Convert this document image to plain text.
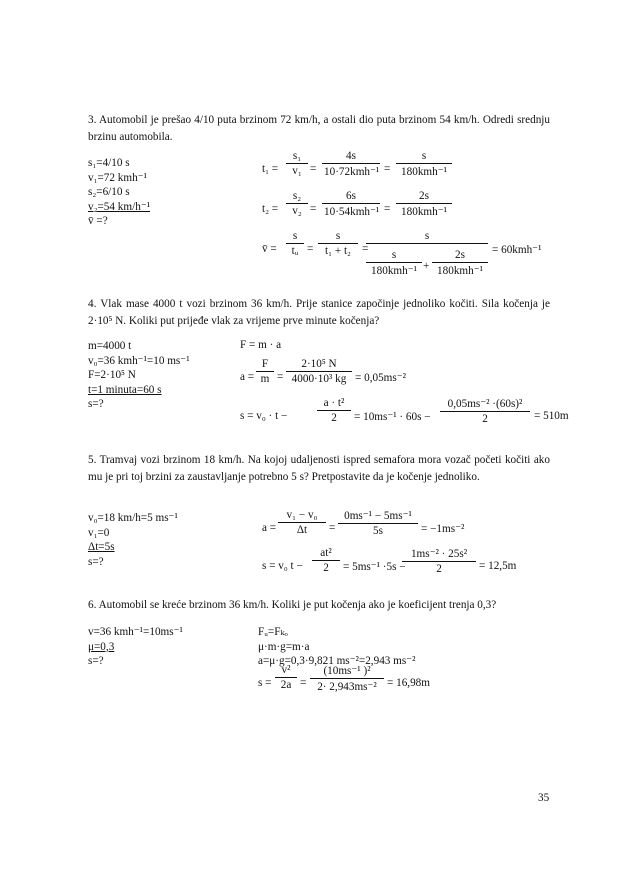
3. Automobil je prešao 4/10 puta brzinom 72 km/h, a ostali dio puta brzinom 54 km/h. Odredi srednju brzinu automobila.
s₁=4/10 s
v₁=72 kmh⁻¹
s₂=6/10 s
v₂=54 km/h⁻¹
v̄ =?
$t_1 = \frac{\text{s₁}}{\text{v₁}}$ =
4s
10·72kmh⁻¹ =
s
180kmh⁻¹
$t_2 = \frac{\text{s₂}}{\text{v₂}}$ =
6s
10·54kmh⁻¹ =
2s
180kmh⁻¹
v̄ = $\frac{s}{\text{tᵤ}} = \frac{s}{\text{t₁ + t₂}}$ =
s
s
180kmh⁻¹ +
2s
180kmh⁻¹
= 60kmh⁻¹
4. Vlak mase 4000 t vozi brzinom 36 km/h. Prije stanice započinje jednoliko kočiti. Sila kočenja je 2·10⁵ N. Koliki put prijeđe vlak za vrijeme prve minute kočenja?
m=4000 t
v₀=36 kmh⁻¹=10 ms⁻¹
F=2·10⁵ N
t=1 minuta=60 s
s=?
F = m · a
$a = \frac{F}{m} = \frac{\text{2·10⁵ N}}{\text{4000·10³ kg}} = 0,05ms^{-2}$
s = v₀ · t −	$\frac{\text{a · t²}}{2} = 10ms^{-1} \cdot 60s - \frac{\text{0,05ms⁻² ·(60s)²}}{2} = 510m$
5. Tramvaj vozi brzinom 18 km/h. Na kojoj udaljenosti ispred semafora mora vozač početi kočiti ako mu je pri toj brzini za zaustavljanje potrebno 5 s? Pretpostavite da je kočenje jednoliko.
v₀=18 km/h=5 ms⁻¹
v₁=0
Δt=5s
s=?
$a = \frac{\text{v₁ − v₀}}{\Delta t} = \frac{\text{0ms⁻¹ − 5ms⁻¹}}{5s} = -1ms^{-2}$
s = v₀ $t - \frac{\text{at²}}{2} = 5ms^{-1} \cdot 5s$ −
$\frac{\text{1ms⁻² · 25s²}}{2} = 12,5m$
6. Automobil se kreće brzinom 36 km/h. Koliki je put kočenja ako je koeficijent trenja 0,3?
v=36 kmh⁻¹=10ms⁻¹
μ=0,3
s=?
Fᵤ=Fₖₒ
μ·m·g=m·a
a=μ·g=0,3·9,821 ms⁻²=2,943 ms⁻²
$s = \frac{\text{v²}}{2a} = \frac{\text{(10ms⁻¹ )²}}{\text{2· 2,943ms⁻²}} = 16,98m$
35
